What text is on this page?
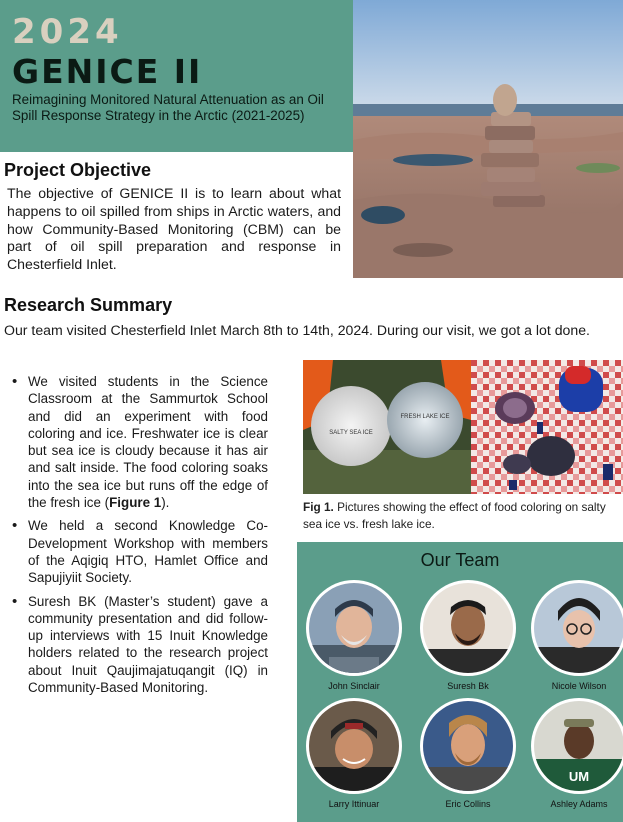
2024
GENICE II
Reimagining Monitored Natural Attenuation as an Oil Spill Response Strategy in the Arctic (2021-2025)
Project Objective

The objective of GENICE II is to learn about what happens to oil spilled from ships in Arctic waters, and how Community-Based Monitoring (CBM) can be part of oil spill preparation and response in Chesterfield Inlet.

Research Summary

Our team visited Chesterfield Inlet March 8th to 14th, 2024. During our visit, we got a lot done.

• We visited students in the Science Classroom at the Sammurtok School and did an experiment with food coloring and ice. Freshwater ice is clear but sea ice is cloudy because it has air and salt inside. The food coloring soaks into the sea ice but runs off the edge of the fresh ice (Figure 1).
• We held a second Knowledge Co-Development Workshop with members of the Aqigiq HTO, Hamlet Office and Sapujiyiit Society.
• Suresh BK (Master’s student) gave a community presentation and did follow-up interviews with 15 Inuit Knowledge holders related to the research project about Inuit Qaujimajatuqangit (IQ) in Community-Based Monitoring.
SALTY SEA ICE
FRESH LAKE ICE

Fig 1. Pictures showing the effect of food coloring on salty sea ice vs. fresh lake ice.

Our Team
John Sinclair	Suresh Bk	Nicole Wilson
Larry Ittinuar	Eric Collins
UM
Ashley Adams
